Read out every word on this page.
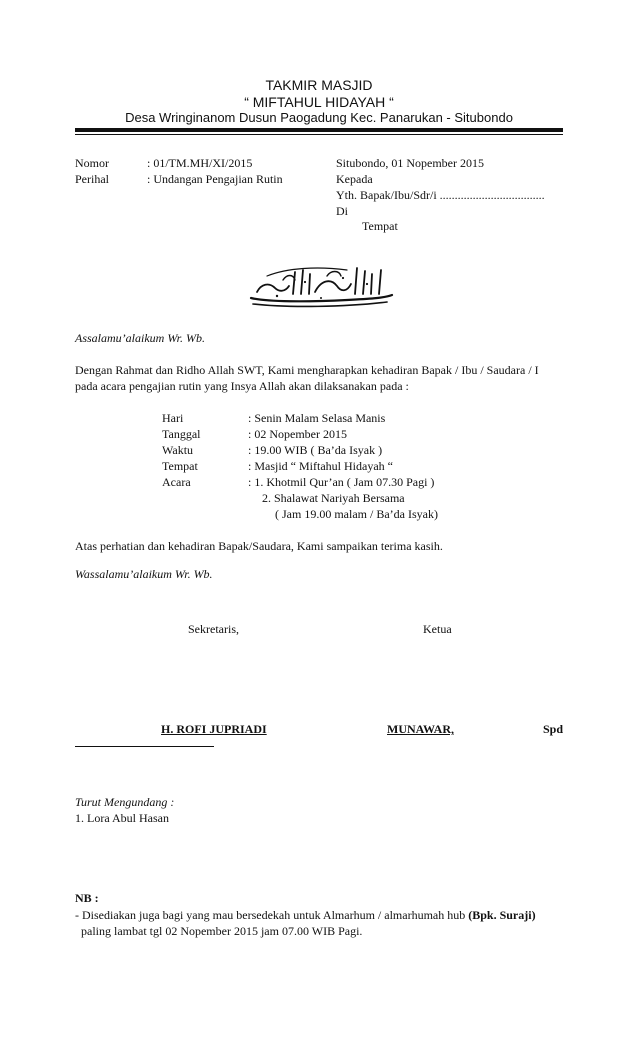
TAKMIR MASJID
“ MIFTAHUL HIDAYAH “
Desa Wringinanom Dusun Paogadung Kec. Panarukan - Situbondo
Nomor	: 01/TM.MH/XI/2015
Perihal	: Undangan Pengajian Rutin
Situbondo, 01 Nopember 2015
Kepada
Yth. Bapak/Ibu/Sdr/i ...................................
Di
Tempat
Assalamu’alaikum Wr. Wb.
Dengan Rahmat dan Ridho Allah SWT, Kami mengharapkan kehadiran Bapak / Ibu / Saudara / I
pada acara pengajian rutin yang Insya Allah akan dilaksanakan pada :
Hari	: Senin Malam Selasa Manis
Tanggal	: 02 Nopember 2015
Waktu	: 19.00 WIB ( Ba’da Isyak )
Tempat	: Masjid “ Miftahul Hidayah “
Acara	: 1. Khotmil Qur’an ( Jam 07.30 Pagi )
2. Shalawat Nariyah Bersama
( Jam 19.00 malam / Ba’da Isyak)
Atas perhatian dan kehadiran Bapak/Saudara, Kami sampaikan terima kasih.
Wassalamu’alaikum Wr. Wb.
Sekretaris,	Ketua
H. ROFI JUPRIADI	MUNAWAR,	Spd
Turut Mengundang :
1. Lora Abul Hasan
NB :
- Disediakan juga bagi yang mau bersedekah untuk Almarhum / almarhumah hub (Bpk. Suraji)
paling lambat tgl 02 Nopember 2015 jam 07.00 WIB Pagi.
